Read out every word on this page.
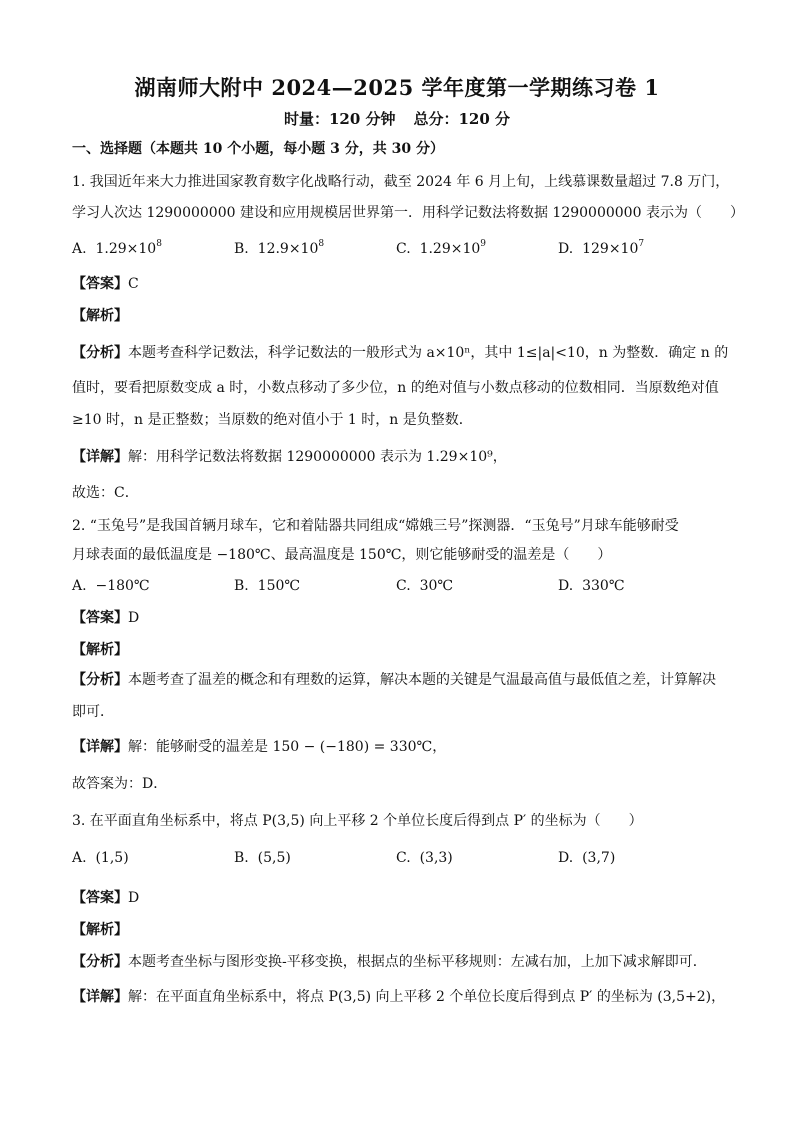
湖南师大附中 2024—2025 学年度第一学期练习卷 1
时量：120 分钟 总分：120 分
一、选择题（本题共 10 个小题，每小题 3 分，共 30 分）
1. 我国近年来大力推进国家教育数字化战略行动，截至 2024 年 6 月上旬，上线慕课数量超过 7.8 万门，
学习人次达 1290000000 建设和应用规模居世界第一．用科学记数法将数据 1290000000 表示为（　　）
A. $1.29\times 10^8$	B. $12.9\times 10^8$	C. $1.29\times 10^9$	D. $129\times 10^7$
【答案】C
【解析】
【分析】本题考查科学记数法，科学记数法的一般形式为 a×10ⁿ，其中 1≤|a|<10，n 为整数．确定 n 的
值时，要看把原数变成 a 时，小数点移动了多少位，n 的绝对值与小数点移动的位数相同．当原数绝对值
≥10 时，n 是正整数；当原数的绝对值小于 1 时，n 是负整数．
【详解】解：用科学记数法将数据 1290000000 表示为 1.29×10⁹，
故选：C．
2. “玉兔号”是我国首辆月球车，它和着陆器共同组成“嫦娥三号”探测器．“玉兔号”月球车能够耐受
月球表面的最低温度是 −180℃、最高温度是 150℃，则它能够耐受的温差是（　　）
A. −180℃	B. 150℃	C. 30℃	D. 330℃
【答案】D
【解析】
【分析】本题考查了温差的概念和有理数的运算，解决本题的关键是气温最高值与最低值之差，计算解决
即可．
【详解】解：能够耐受的温差是 150 − (−180) = 330℃，
故答案为：D．
3. 在平面直角坐标系中，将点 P(3,5) 向上平移 2 个单位长度后得到点 P′ 的坐标为（　　）
A. (1,5)	B. (5,5)	C. (3,3)	D. (3,7)
【答案】D
【解析】
【分析】本题考查坐标与图形变换-平移变换，根据点的坐标平移规则：左减右加，上加下减求解即可．
【详解】解：在平面直角坐标系中，将点 P(3,5) 向上平移 2 个单位长度后得到点 P′ 的坐标为 (3,5+2)，
